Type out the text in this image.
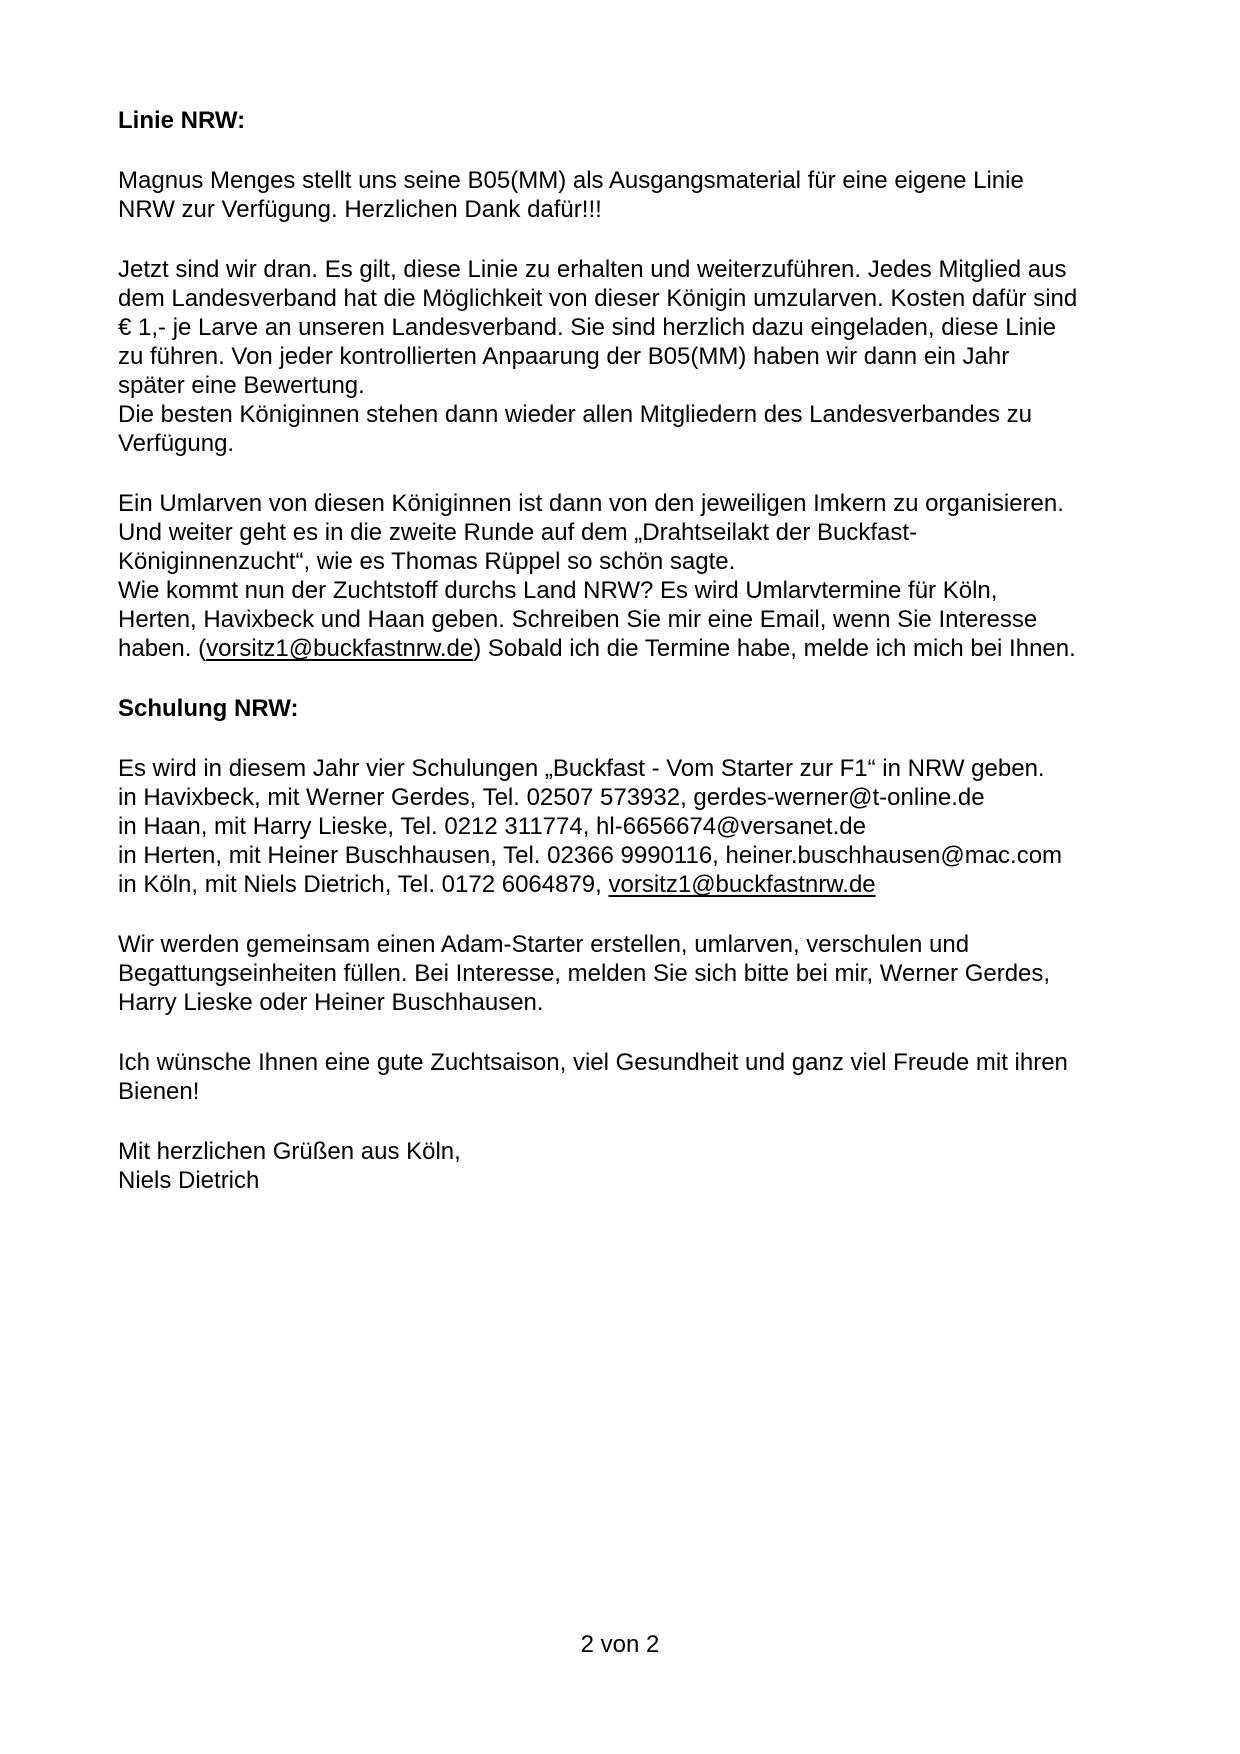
Linie NRW:
Magnus Menges stellt uns seine B05(MM) als Ausgangsmaterial für eine eigene Linie
NRW zur Verfügung. Herzlichen Dank dafür!!!
Jetzt sind wir dran. Es gilt, diese Linie zu erhalten und weiterzuführen. Jedes Mitglied aus
dem Landesverband hat die Möglichkeit von dieser Königin umzularven. Kosten dafür sind
€ 1,- je Larve an unseren Landesverband. Sie sind herzlich dazu eingeladen, diese Linie
zu führen. Von jeder kontrollierten Anpaarung der B05(MM) haben wir dann ein Jahr
später eine Bewertung.
Die besten Königinnen stehen dann wieder allen Mitgliedern des Landesverbandes zu
Verfügung.
Ein Umlarven von diesen Königinnen ist dann von den jeweiligen Imkern zu organisieren.
Und weiter geht es in die zweite Runde auf dem „Drahtseilakt der Buckfast-
Königinnenzucht“, wie es Thomas Rüppel so schön sagte.
Wie kommt nun der Zuchtstoff durchs Land NRW? Es wird Umlarvtermine für Köln,
Herten, Havixbeck und Haan geben. Schreiben Sie mir eine Email, wenn Sie Interesse
haben. (vorsitz1@buckfastnrw.de) Sobald ich die Termine habe, melde ich mich bei Ihnen.
Schulung NRW:
Es wird in diesem Jahr vier Schulungen „Buckfast - Vom Starter zur F1“ in NRW geben.
in Havixbeck, mit Werner Gerdes, Tel. 02507 573932, gerdes-werner@t-online.de
in Haan, mit Harry Lieske, Tel. 0212 311774, hl-6656674@versanet.de
in Herten, mit Heiner Buschhausen, Tel. 02366 9990116, heiner.buschhausen@mac.com
in Köln, mit Niels Dietrich, Tel. 0172 6064879, vorsitz1@buckfastnrw.de
Wir werden gemeinsam einen Adam-Starter erstellen, umlarven, verschulen und
Begattungseinheiten füllen. Bei Interesse, melden Sie sich bitte bei mir, Werner Gerdes,
Harry Lieske oder Heiner Buschhausen.
Ich wünsche Ihnen eine gute Zuchtsaison, viel Gesundheit und ganz viel Freude mit ihren
Bienen!
Mit herzlichen Grüßen aus Köln,
Niels Dietrich
2 von 2
